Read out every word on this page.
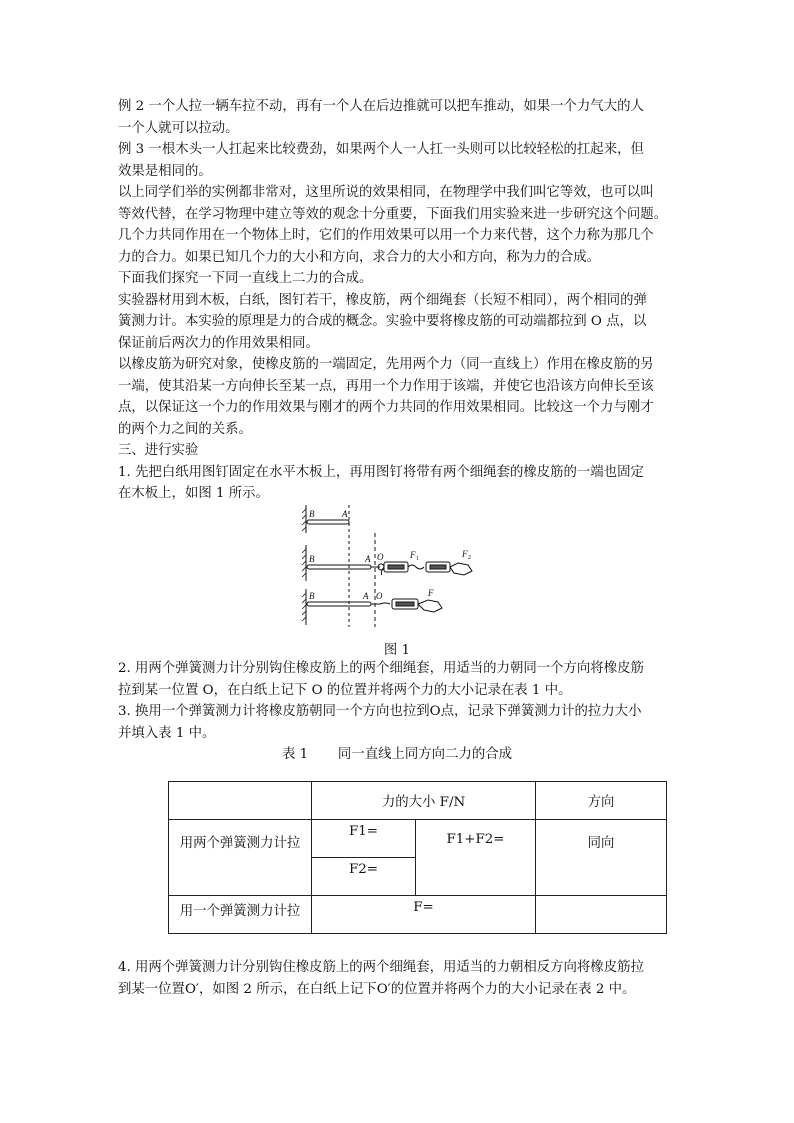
例 2 一个人拉一辆车拉不动，再有一个人在后边推就可以把车推动，如果一个力气大的人
一个人就可以拉动。
例 3 一根木头一人扛起来比较费劲，如果两个人一人扛一头则可以比较轻松的扛起来，但
效果是相同的。
以上同学们举的实例都非常对，这里所说的效果相同，在物理学中我们叫它等效，也可以叫
等效代替，在学习物理中建立等效的观念十分重要，下面我们用实验来进一步研究这个问题。
几个力共同作用在一个物体上时，它们的作用效果可以用一个力来代替，这个力称为那几个
力的合力。如果已知几个力的大小和方向，求合力的大小和方向，称为力的合成。
下面我们探究一下同一直线上二力的合成。
实验器材用到木板，白纸，图钉若干，橡皮筋，两个细绳套（长短不相同），两个相同的弹
簧测力计。本实验的原理是力的合成的概念。实验中要将橡皮筋的可动端都拉到 O 点，以
保证前后两次力的作用效果相同。
以橡皮筋为研究对象，使橡皮筋的一端固定，先用两个力（同一直线上）作用在橡皮筋的另
一端，使其沿某一方向伸长至某一点，再用一个力作用于该端，并使它也沿该方向伸长至该
点，以保证这一个力的作用效果与刚才的两个力共同的作用效果相同。比较这一个力与刚才
的两个力之间的关系。
三、进行实验
1. 先把白纸用图钉固定在水平木板上，再用图钉将带有两个细绳套的橡皮筋的一端也固定
在木板上，如图 1 所示。
B	A
B	A O	F 1	F 2
B	A O	F
图 1
2. 用两个弹簧测力计分别钩住橡皮筋上的两个细绳套，用适当的力朝同一个方向将橡皮筋
拉到某一位置 O，在白纸上记下 O 的位置并将两个力的大小记录在表 1 中。
3. 换用一个弹簧测力计将橡皮筋朝同一个方向也拉到O点，记录下弹簧测力计的拉力大小
并填入表 1 中。
表 1       同一直线上同方向二力的合成
	力的大小 F/N		方向
用两个弹簧测力计拉	F1=	F1+F2=	同向
	F2=		
用一个弹簧测力计拉	F=		
4. 用两个弹簧测力计分别钩住橡皮筋上的两个细绳套，用适当的力朝相反方向将橡皮筋拉
到某一位置O′，如图 2 所示，在白纸上记下O′的位置并将两个力的大小记录在表 2 中。
